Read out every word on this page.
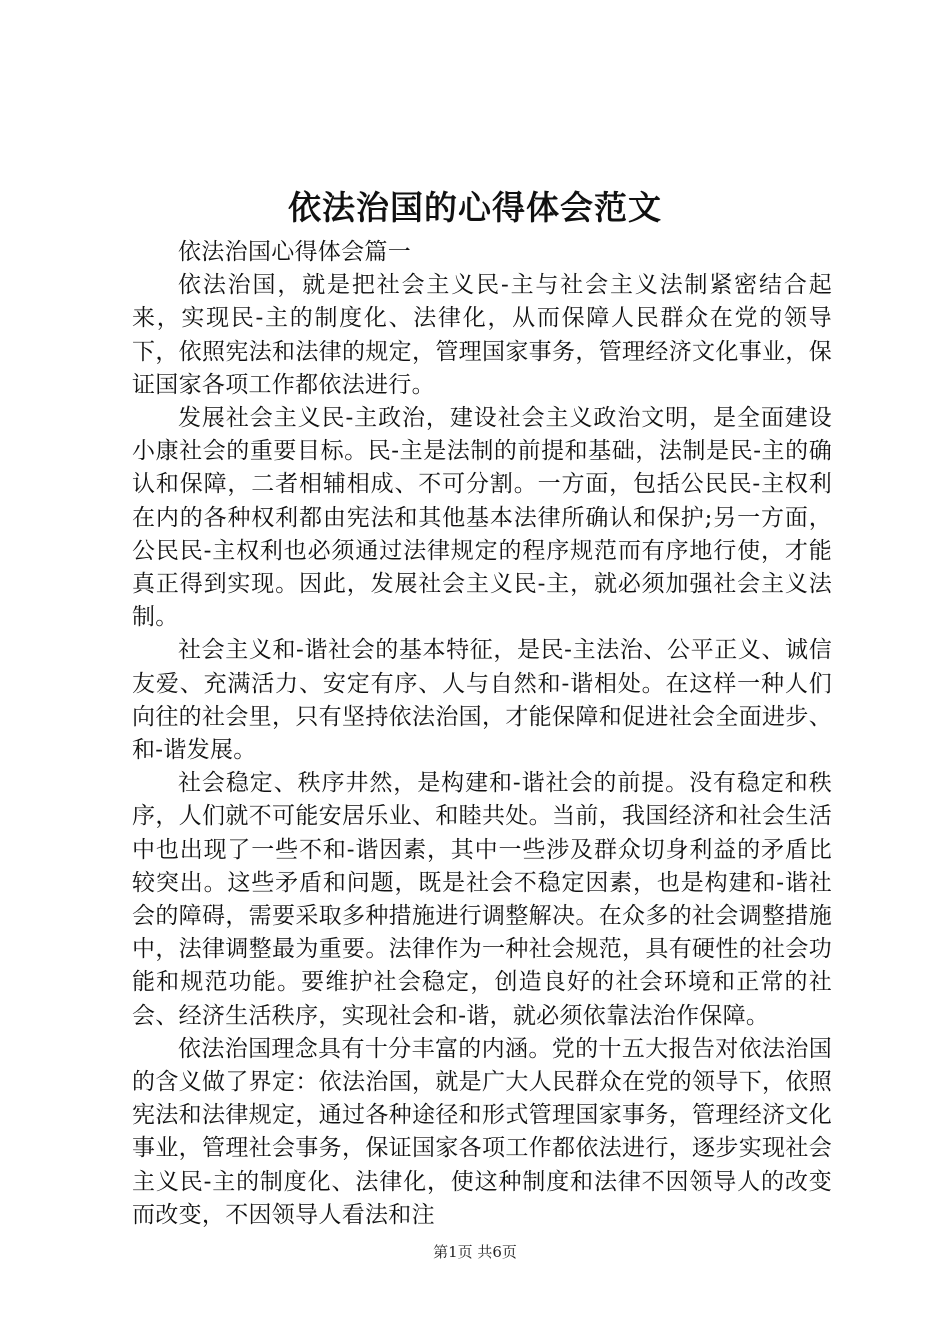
依法治国的心得体会范文

依法治国心得体会篇一

依法治国，就是把社会主义民-主与社会主义法制紧密结合起来，实现民-主的制度化、法律化，从而保障人民群众在党的领导下，依照宪法和法律的规定，管理国家事务，管理经济文化事业，保证国家各项工作都依法进行。

发展社会主义民-主政治，建设社会主义政治文明，是全面建设小康社会的重要目标。民-主是法制的前提和基础，法制是民-主的确认和保障，二者相辅相成、不可分割。一方面，包括公民民-主权利在内的各种权利都由宪法和其他基本法律所确认和保护;另一方面，公民民-主权利也必须通过法律规定的程序规范而有序地行使，才能真正得到实现。因此，发展社会主义民-主，就必须加强社会主义法制。

社会主义和-谐社会的基本特征，是民-主法治、公平正义、诚信友爱、充满活力、安定有序、人与自然和-谐相处。在这样一种人们向往的社会里，只有坚持依法治国，才能保障和促进社会全面进步、和-谐发展。

社会稳定、秩序井然，是构建和-谐社会的前提。没有稳定和秩序，人们就不可能安居乐业、和睦共处。当前，我国经济和社会生活中也出现了一些不和-谐因素，其中一些涉及群众切身利益的矛盾比较突出。这些矛盾和问题，既是社会不稳定因素，也是构建和-谐社会的障碍，需要采取多种措施进行调整解决。在众多的社会调整措施中，法律调整最为重要。法律作为一种社会规范，具有硬性的社会功能和规范功能。要维护社会稳定，创造良好的社会环境和正常的社会、经济生活秩序，实现社会和-谐，就必须依靠法治作保障。

依法治国理念具有十分丰富的内涵。党的十五大报告对依法治国的含义做了界定：依法治国，就是广大人民群众在党的领导下，依照宪法和法律规定，通过各种途径和形式管理国家事务，管理经济文化事业，管理社会事务，保证国家各项工作都依法进行，逐步实现社会主义民-主的制度化、法律化，使这种制度和法律不因领导人的改变而改变，不因领导人看法和注

第1页 共6页
